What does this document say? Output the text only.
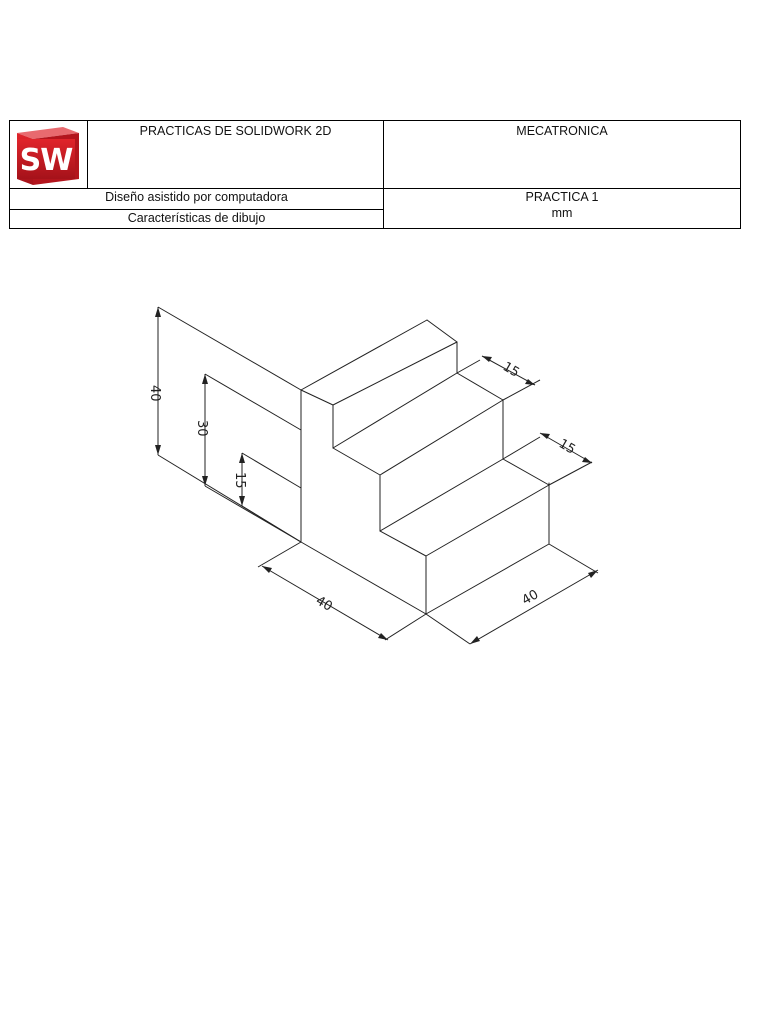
SW	PRACTICAS DE SOLIDWORK 2D	MECATRONICA
Diseño asistido por computadora		PRACTICA 1
mm

Características de dibujo		
40
30
15
15
15
40	40
